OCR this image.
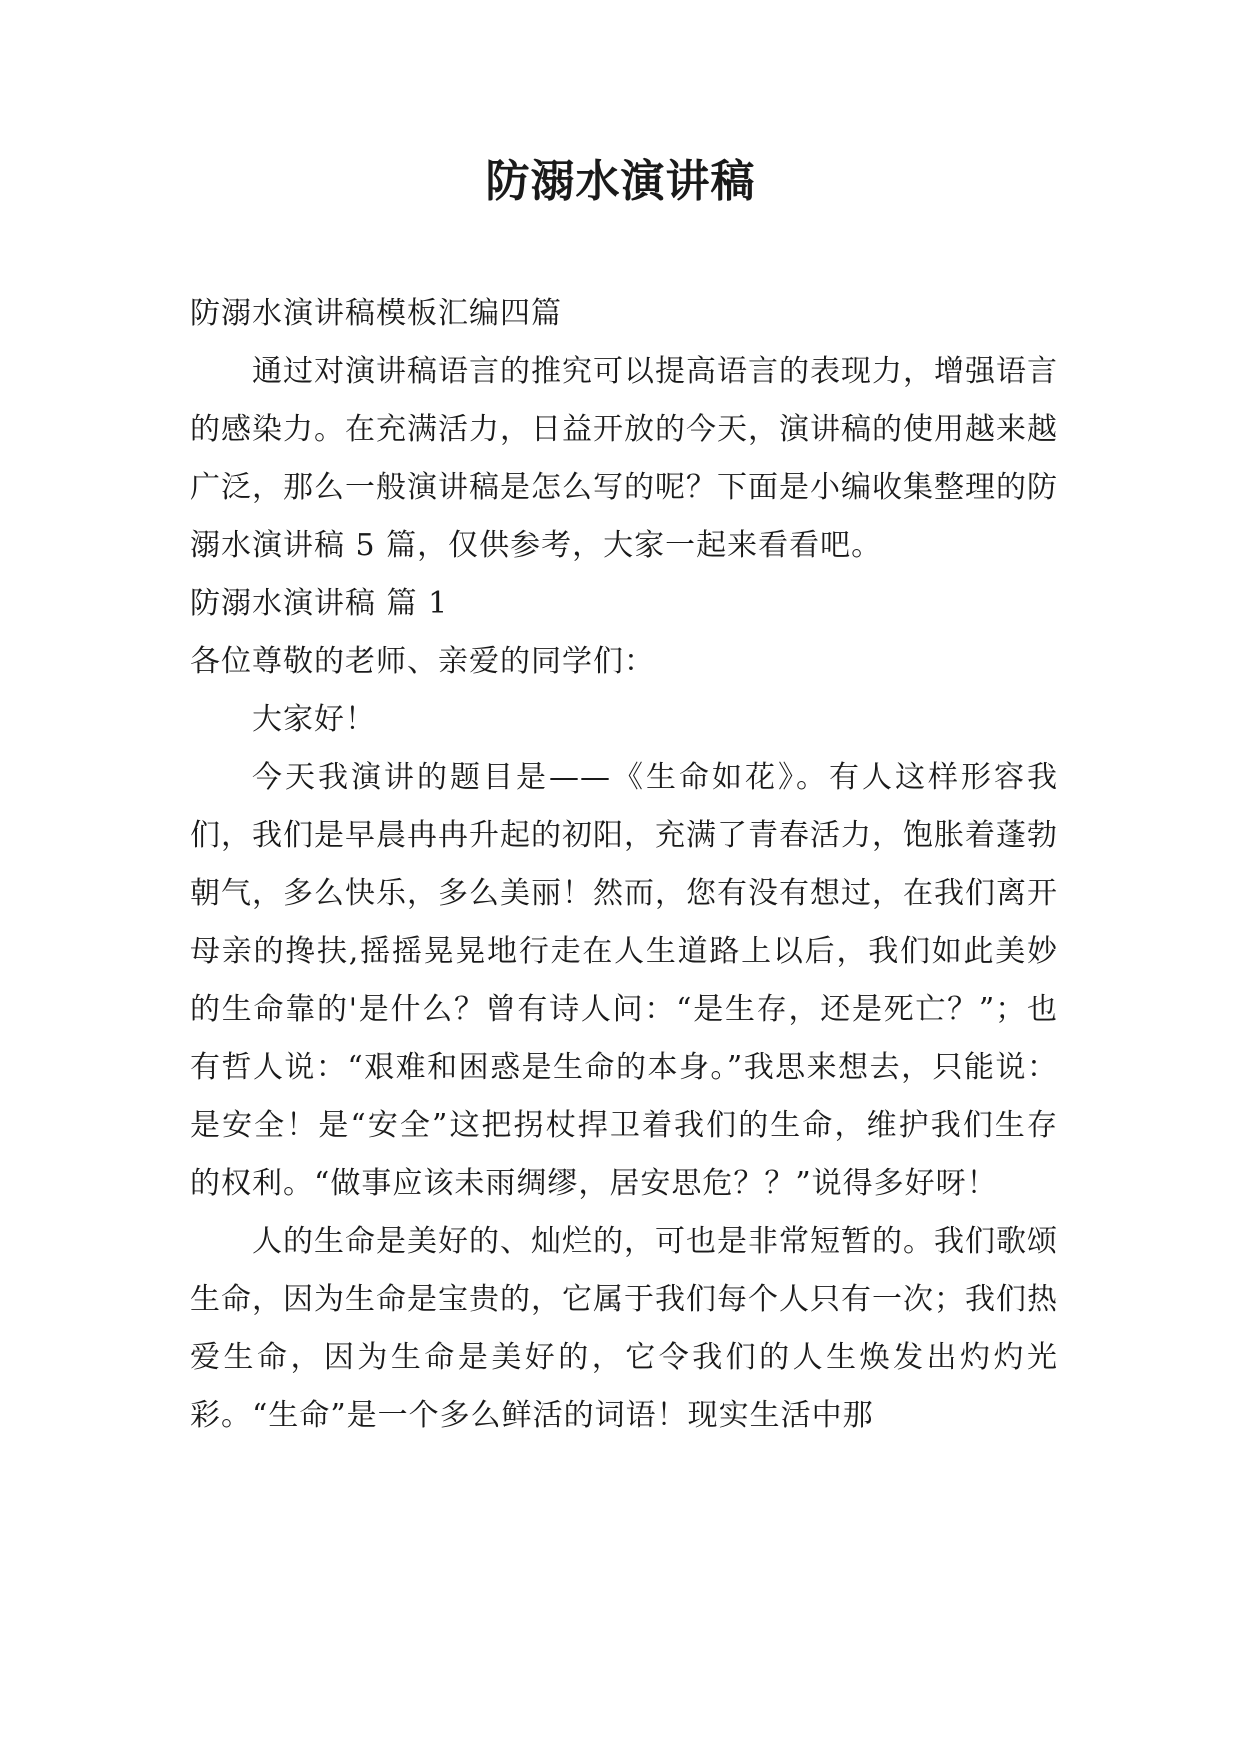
防溺水演讲稿

防溺水演讲稿模板汇编四篇

通过对演讲稿语言的推究可以提高语言的表现力，增强语言的感染力。在充满活力，日益开放的今天，演讲稿的使用越来越广泛，那么一般演讲稿是怎么写的呢？下面是小编收集整理的防溺水演讲稿 5 篇，仅供参考，大家一起来看看吧。

防溺水演讲稿 篇 1

各位尊敬的老师、亲爱的同学们：

大家好！

今天我演讲的题目是——《生命如花》。有人这样形容我们，我们是早晨冉冉升起的初阳，充满了青春活力，饱胀着蓬勃朝气，多么快乐，多么美丽！然而，您有没有想过，在我们离开母亲的搀扶,摇摇晃晃地行走在人生道路上以后，我们如此美妙的生命靠的'是什么？曾有诗人问：“是生存，还是死亡？”；也有哲人说：“艰难和困惑是生命的本身。”我思来想去，只能说：是安全！是“安全”这把拐杖捍卫着我们的生命，维护我们生存的权利。“做事应该未雨绸缪，居安思危？？”说得多好呀！

人的生命是美好的、灿烂的，可也是非常短暂的。我们歌颂生命，因为生命是宝贵的，它属于我们每个人只有一次；我们热爱生命，因为生命是美好的，它令我们的人生焕发出灼灼光彩。“生命”是一个多么鲜活的词语！现实生活中那
